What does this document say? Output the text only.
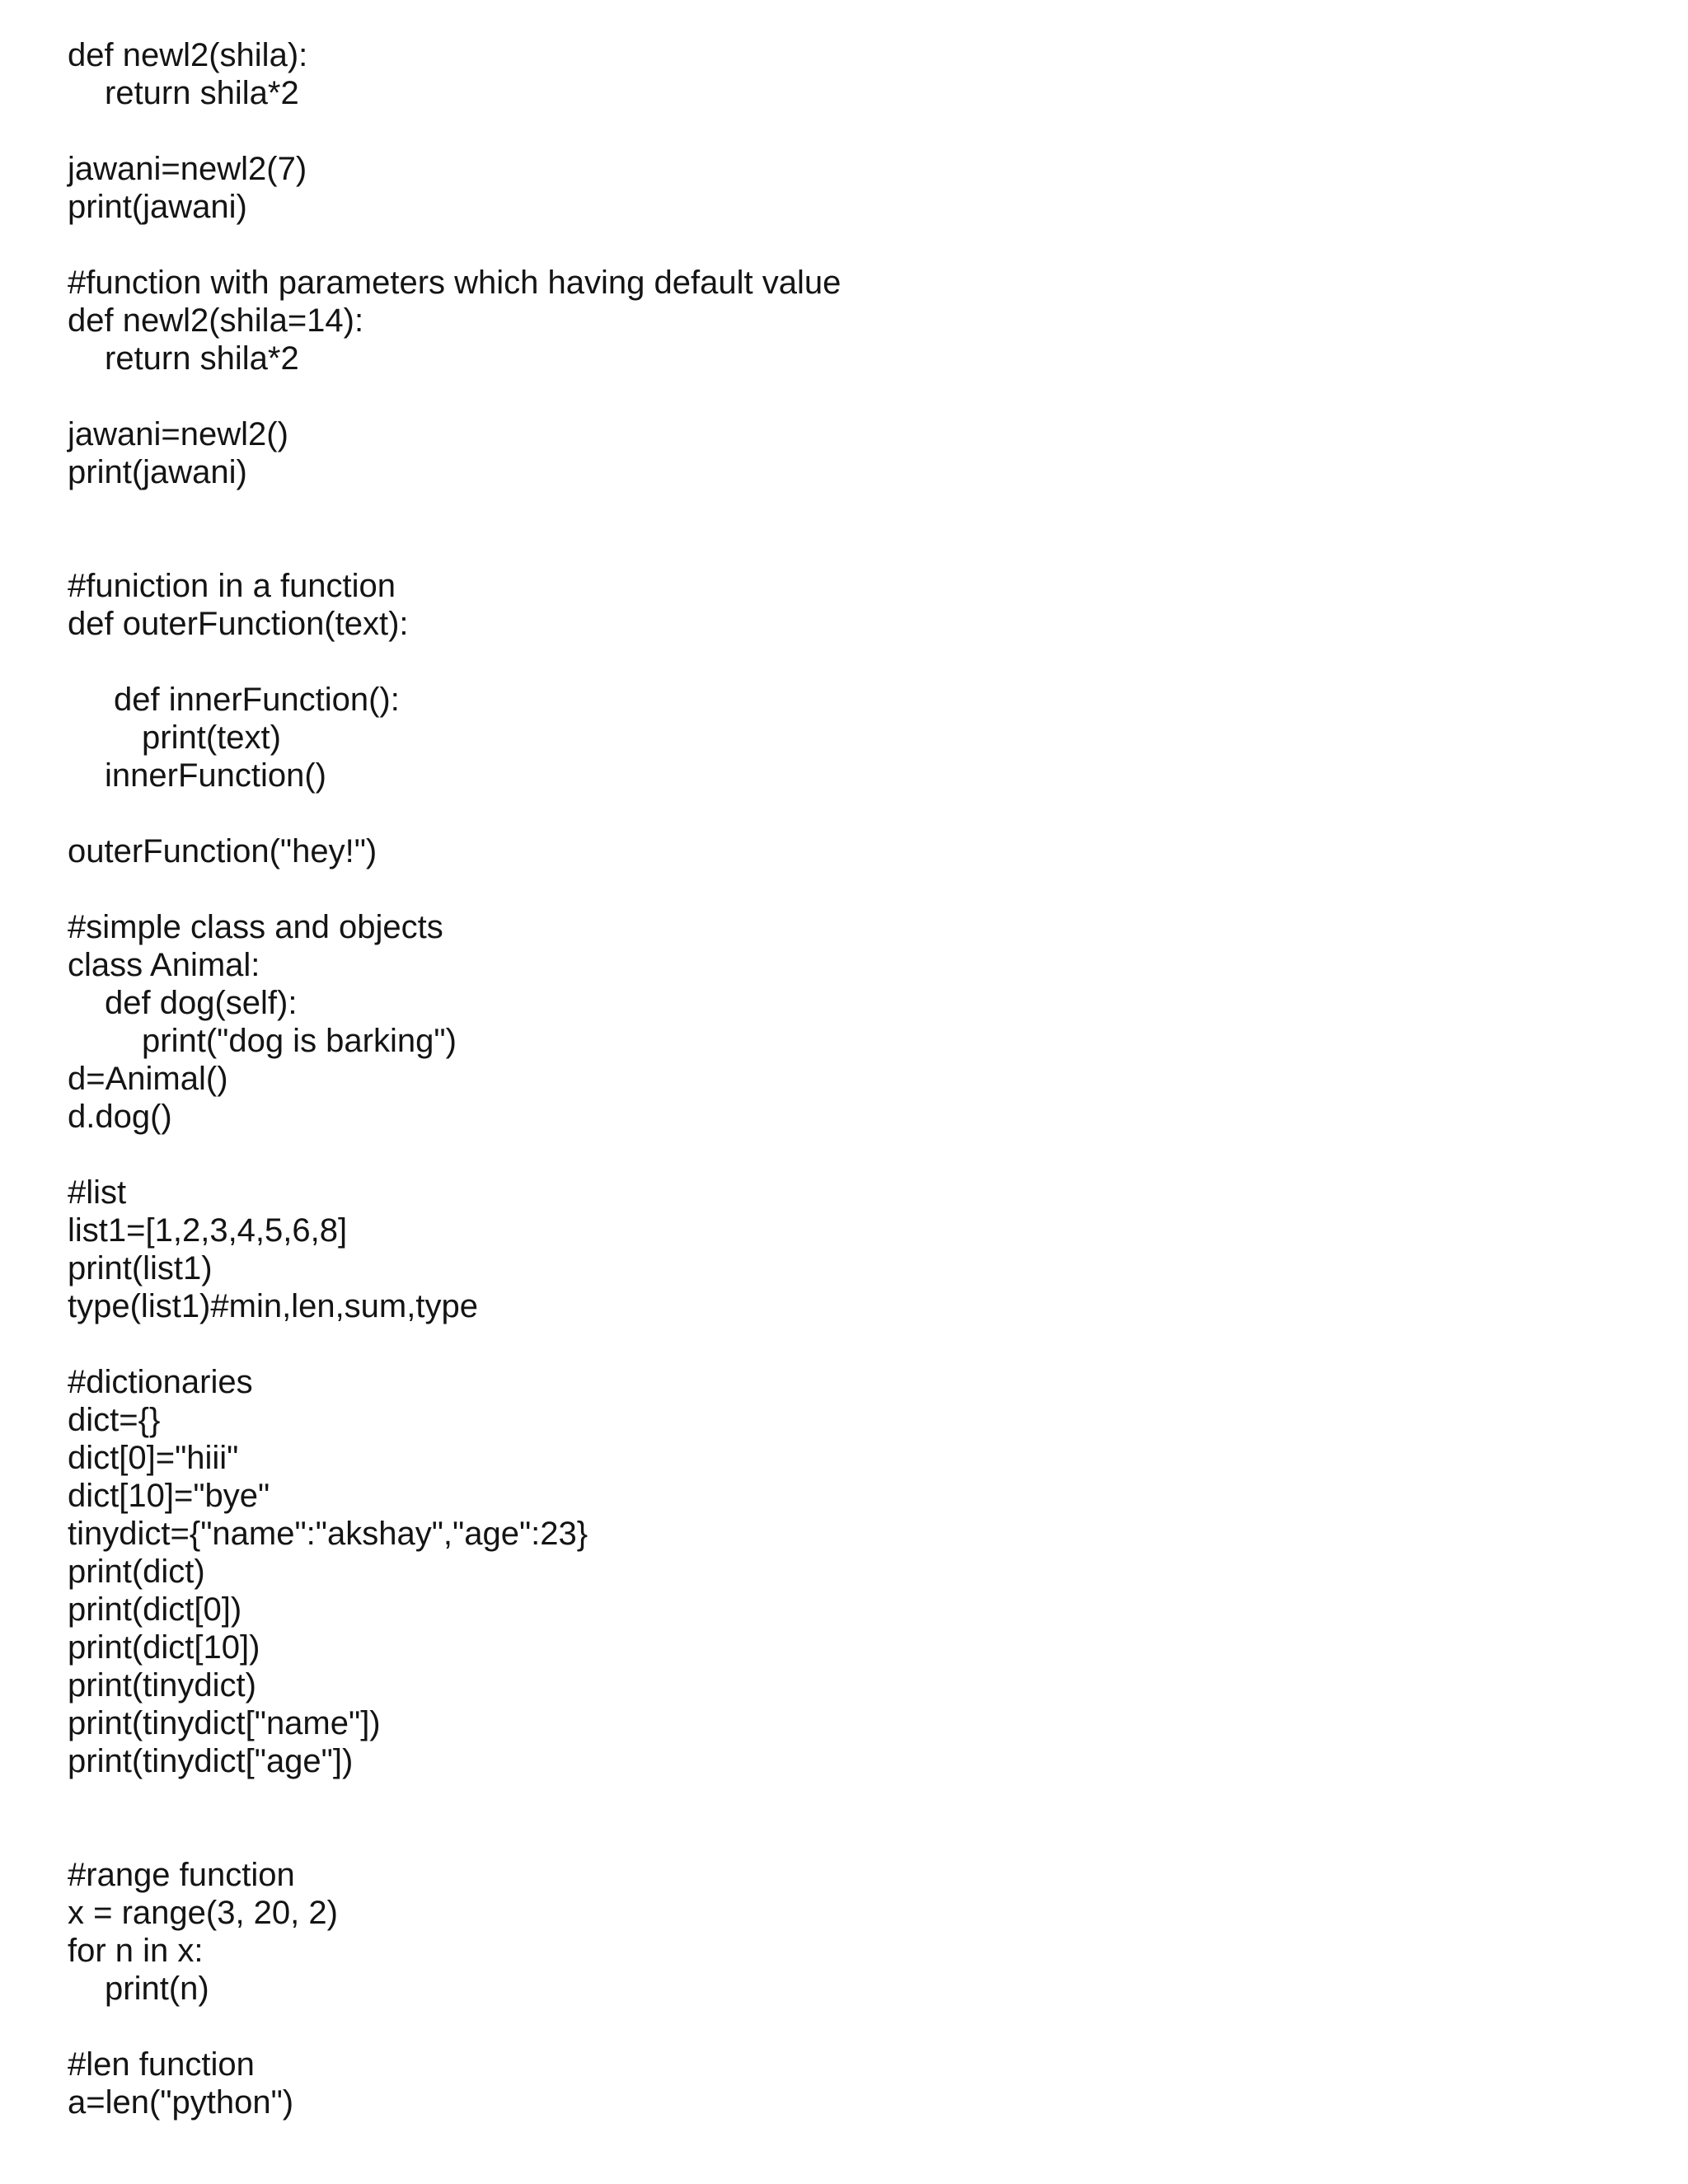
def newl2(shila):
return shila*2
jawani=newl2(7)
print(jawani)
#function with parameters which having default value
def newl2(shila=14):
return shila*2
jawani=newl2()
print(jawani)
#funiction in a function
def outerFunction(text):
def innerFunction():
print(text)
innerFunction()
outerFunction("hey!")
#simple class and objects
class Animal:
def dog(self):
print("dog is barking")
d=Animal()
d.dog()
#list
list1=[1,2,3,4,5,6,8]
print(list1)
type(list1)#min,len,sum,type
#dictionaries
dict={}
dict[0]="hiii"
dict[10]="bye"
tinydict={"name":"akshay","age":23}
print(dict)
print(dict[0])
print(dict[10])
print(tinydict)
print(tinydict["name"])
print(tinydict["age"])
#range function
x = range(3, 20, 2)
for n in x:
print(n)
#len function
a=len("python")
